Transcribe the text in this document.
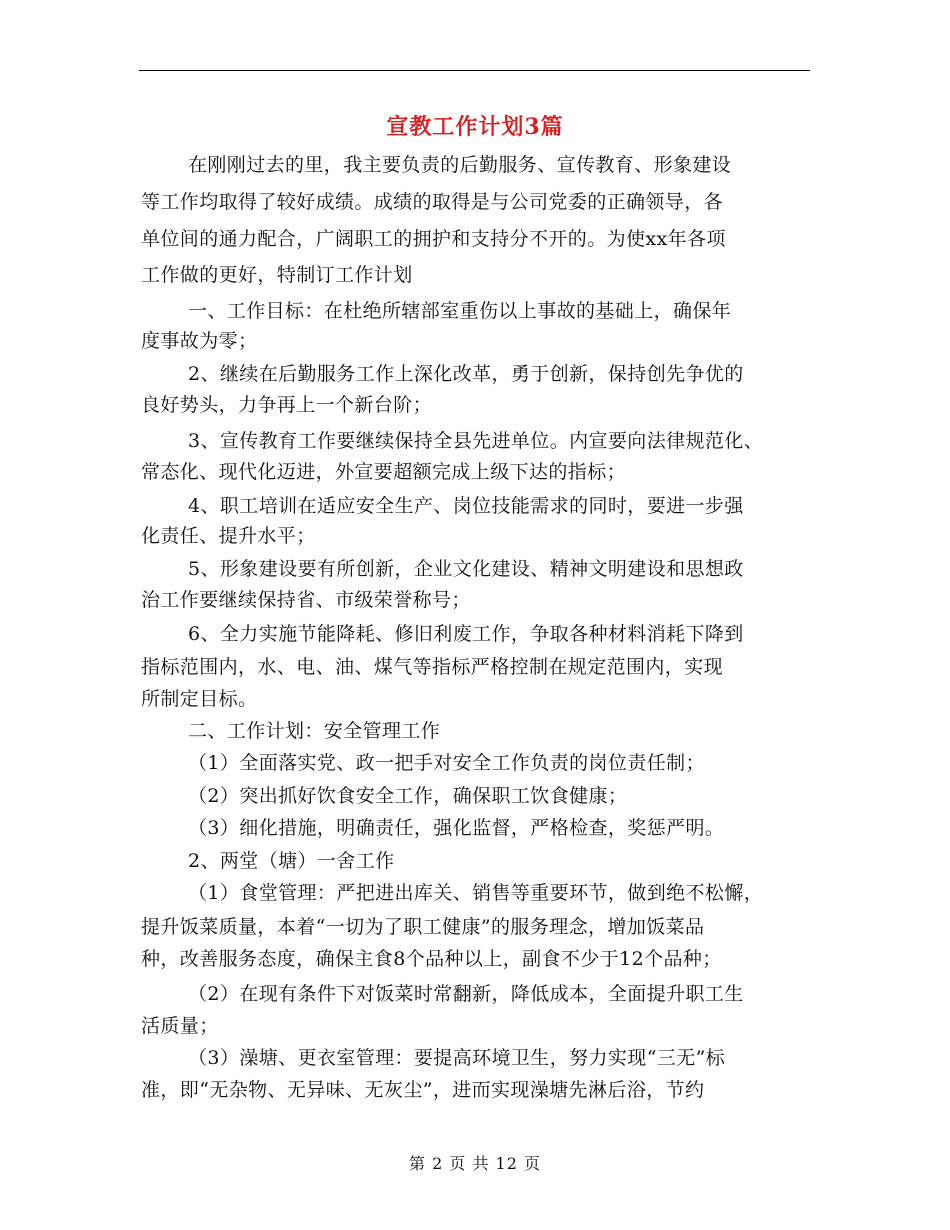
宣教工作计划3篇
在刚刚过去的里，我主要负责的后勤服务、宣传教育、形象建设
等工作均取得了较好成绩。成绩的取得是与公司党委的正确领导，各
单位间的通力配合，广阔职工的拥护和支持分不开的。为使xx年各项
工作做的更好，特制订工作计划
一、工作目标：在杜绝所辖部室重伤以上事故的基础上，确保年
度事故为零；
2、继续在后勤服务工作上深化改革，勇于创新，保持创先争优的
良好势头，力争再上一个新台阶；
3、宣传教育工作要继续保持全县先进单位。内宣要向法律规范化、
常态化、现代化迈进，外宣要超额完成上级下达的指标；
4、职工培训在适应安全生产、岗位技能需求的同时，要进一步强
化责任、提升水平；
5、形象建设要有所创新，企业文化建设、精神文明建设和思想政
治工作要继续保持省、市级荣誉称号；
6、全力实施节能降耗、修旧利废工作，争取各种材料消耗下降到
指标范围内，水、电、油、煤气等指标严格控制在规定范围内，实现
所制定目标。
二、工作计划：安全管理工作
（1）全面落实党、政一把手对安全工作负责的岗位责任制；
（2）突出抓好饮食安全工作，确保职工饮食健康；
（3）细化措施，明确责任，强化监督，严格检查，奖惩严明。
2、两堂（塘）一舍工作
（1）食堂管理：严把进出库关、销售等重要环节，做到绝不松懈，
提升饭菜质量，本着“一切为了职工健康”的服务理念，增加饭菜品
种，改善服务态度，确保主食8个品种以上，副食不少于12个品种；
（2）在现有条件下对饭菜时常翻新，降低成本，全面提升职工生
活质量；
（3）澡塘、更衣室管理：要提高环境卫生，努力实现“三无”标
准，即“无杂物、无异味、无灰尘”，进而实现澡塘先淋后浴，节约
第 2 页 共 12 页
